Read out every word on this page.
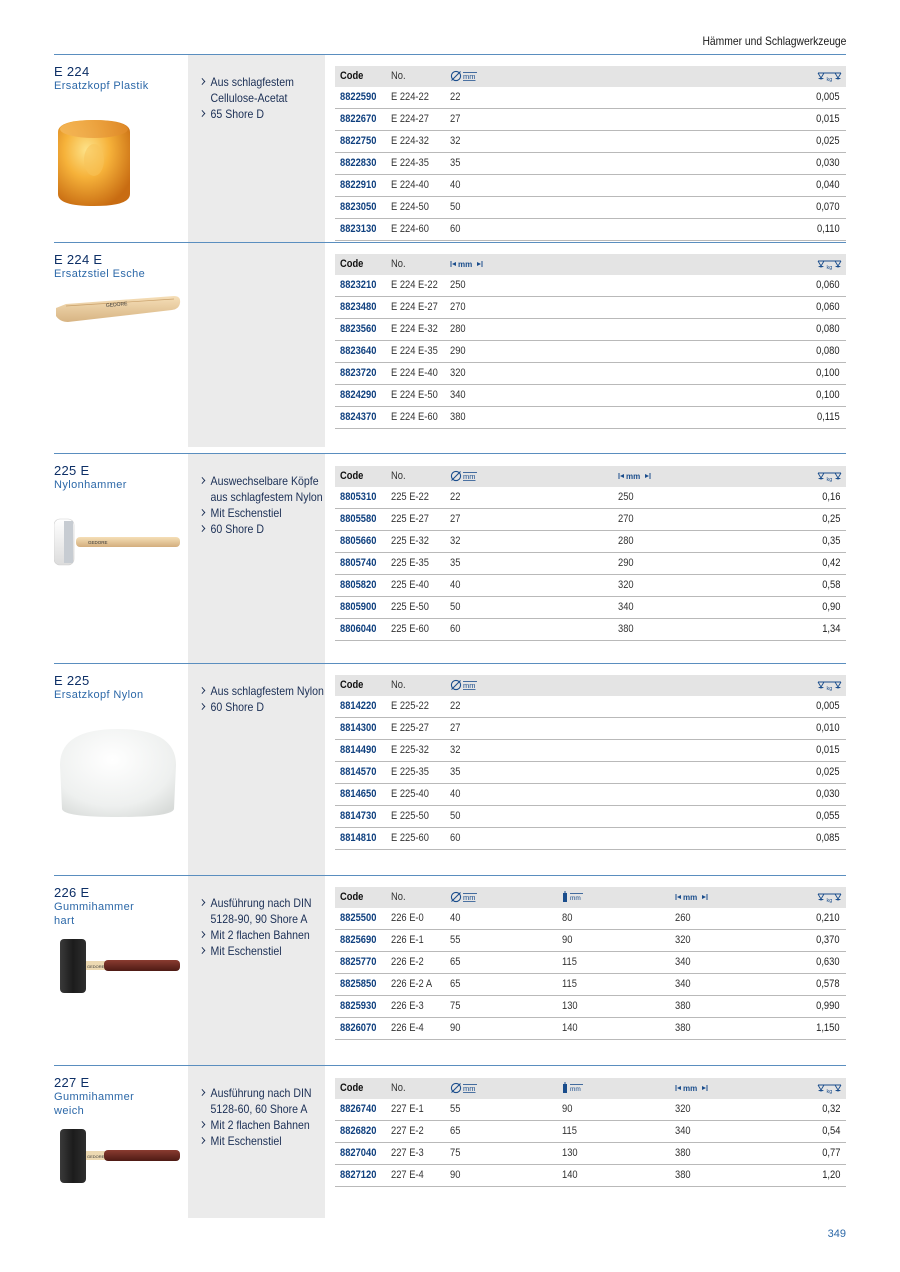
Hämmer und Schlagwerkzeuge
E 224
Ersatzkopf Plastik	Aus schlagfestem Cellulose-Acetat
65 Shore D
Code	No.	mm	kg
8822590	E 224-22	22	0,005
8822670	E 224-27	27	0,015
8822750	E 224-32	32	0,025
8822830	E 224-35	35	0,030
8822910	E 224-40	40	0,040
8823050	E 224-50	50	0,070
8823130	E 224-60	60	0,110
E 224 E
Ersatzstiel Esche
GEDORE
Code	No.	mm	kg
8823210	E 224 E-22	250	0,060
8823480	E 224 E-27	270	0,060
8823560	E 224 E-32	280	0,080
8823640	E 224 E-35	290	0,080
8823720	E 224 E-40	320	0,100
8824290	E 224 E-50	340	0,100
8824370	E 224 E-60	380	0,115
225 E
Nylonhammer
GEDORE
Auswechselbare Köpfe aus schlagfestem Nylon
Mit Eschenstiel
60 Shore D
Code	No.	mm	mm	kg
8805310	225 E-22	22	250	0,16
8805580	225 E-27	27	270	0,25
8805660	225 E-32	32	280	0,35
8805740	225 E-35	35	290	0,42
8805820	225 E-40	40	320	0,58
8805900	225 E-50	50	340	0,90
8806040	225 E-60	60	380	1,34
E 225
Ersatzkopf Nylon	Aus schlagfestem Nylon
60 Shore D
Code	No.	mm	kg
8814220	E 225-22	22	0,005
8814300	E 225-27	27	0,010
8814490	E 225-32	32	0,015
8814570	E 225-35	35	0,025
8814650	E 225-40	40	0,030
8814730	E 225-50	50	0,055
8814810	E 225-60	60	0,085
226 E
Gummihammer
hart
GEDORE
Ausführung nach DIN 5128-90, 90 Shore A
Mit 2 flachen Bahnen
Mit Eschenstiel
Code	No.	mm	mm	mm	kg
8825500	226 E-0	40	80	260	0,210
8825690	226 E-1	55	90	320	0,370
8825770	226 E-2	65	115	340	0,630
8825850	226 E-2 A	65	115	340	0,578
8825930	226 E-3	75	130	380	0,990
8826070	226 E-4	90	140	380	1,150
227 E
Gummihammer
weich
GEDORE
Ausführung nach DIN 5128-60, 60 Shore A
Mit 2 flachen Bahnen
Mit Eschenstiel
Code	No.	mm	mm	mm	kg
8826740	227 E-1	55	90	320	0,32
8826820	227 E-2	65	115	340	0,54
8827040	227 E-3	75	130	380	0,77
8827120	227 E-4	90	140	380	1,20
349
